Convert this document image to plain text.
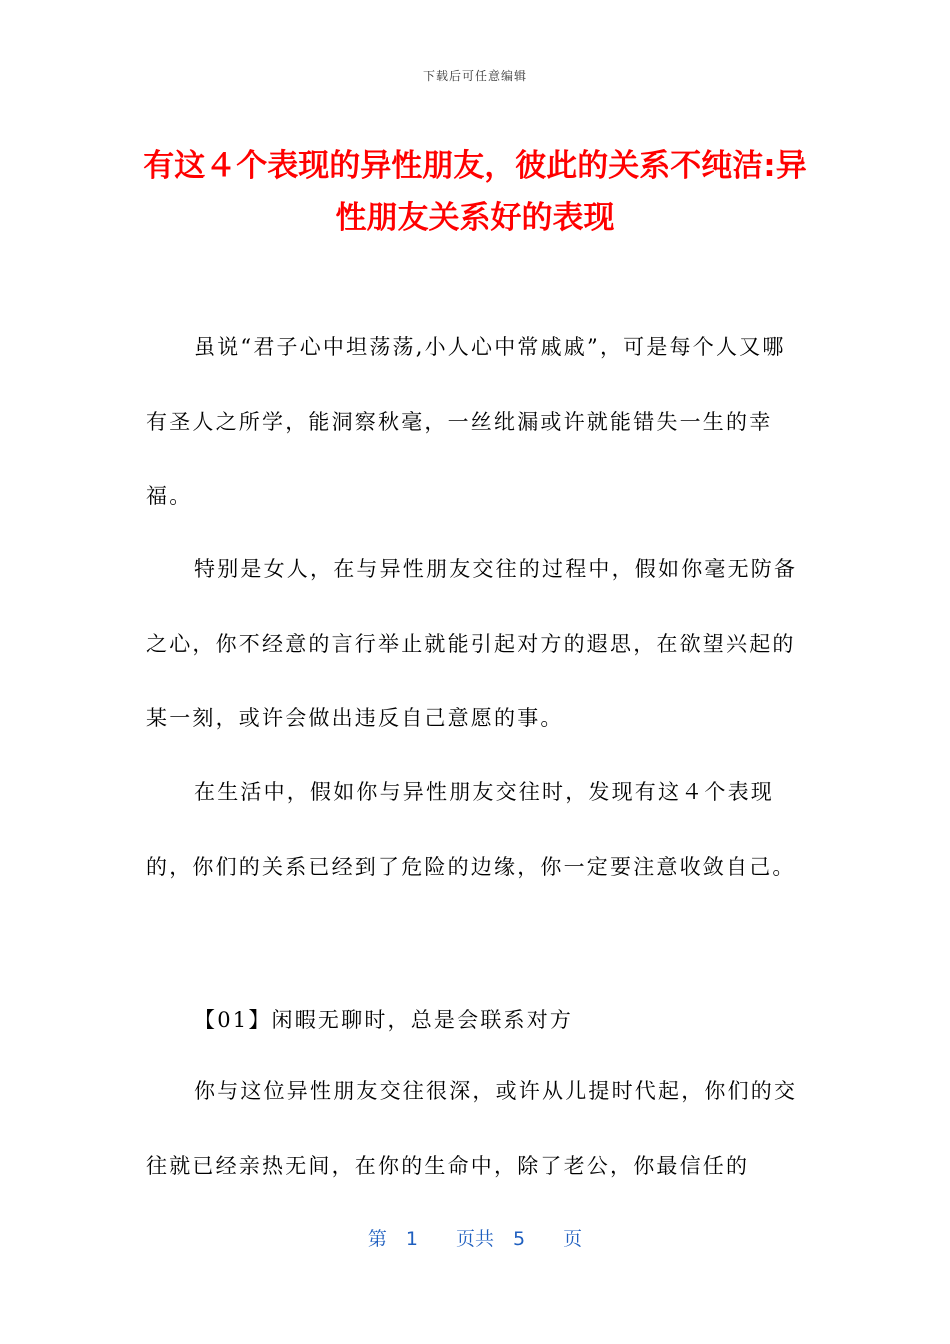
下载后可任意编辑
有这４个表现的异性朋友，彼此的关系不纯洁:异性朋友关系好的表现

虽说“君子心中坦荡荡,小人心中常戚戚”，可是每个人又哪有圣人之所学，能洞察秋毫，一丝纰漏或许就能错失一生的幸福。

特别是女人，在与异性朋友交往的过程中，假如你毫无防备之心，你不经意的言行举止就能引起对方的遐思，在欲望兴起的某一刻，或许会做出违反自己意愿的事。

在生活中，假如你与异性朋友交往时，发现有这４个表现的，你们的关系已经到了危险的边缘，你一定要注意收敛自己。

【01】闲暇无聊时，总是会联系对方

你与这位异性朋友交往很深，或许从儿提时代起，你们的交往就已经亲热无间，在你的生命中，除了老公，你最信任的

第　1　　页共　5　　页
